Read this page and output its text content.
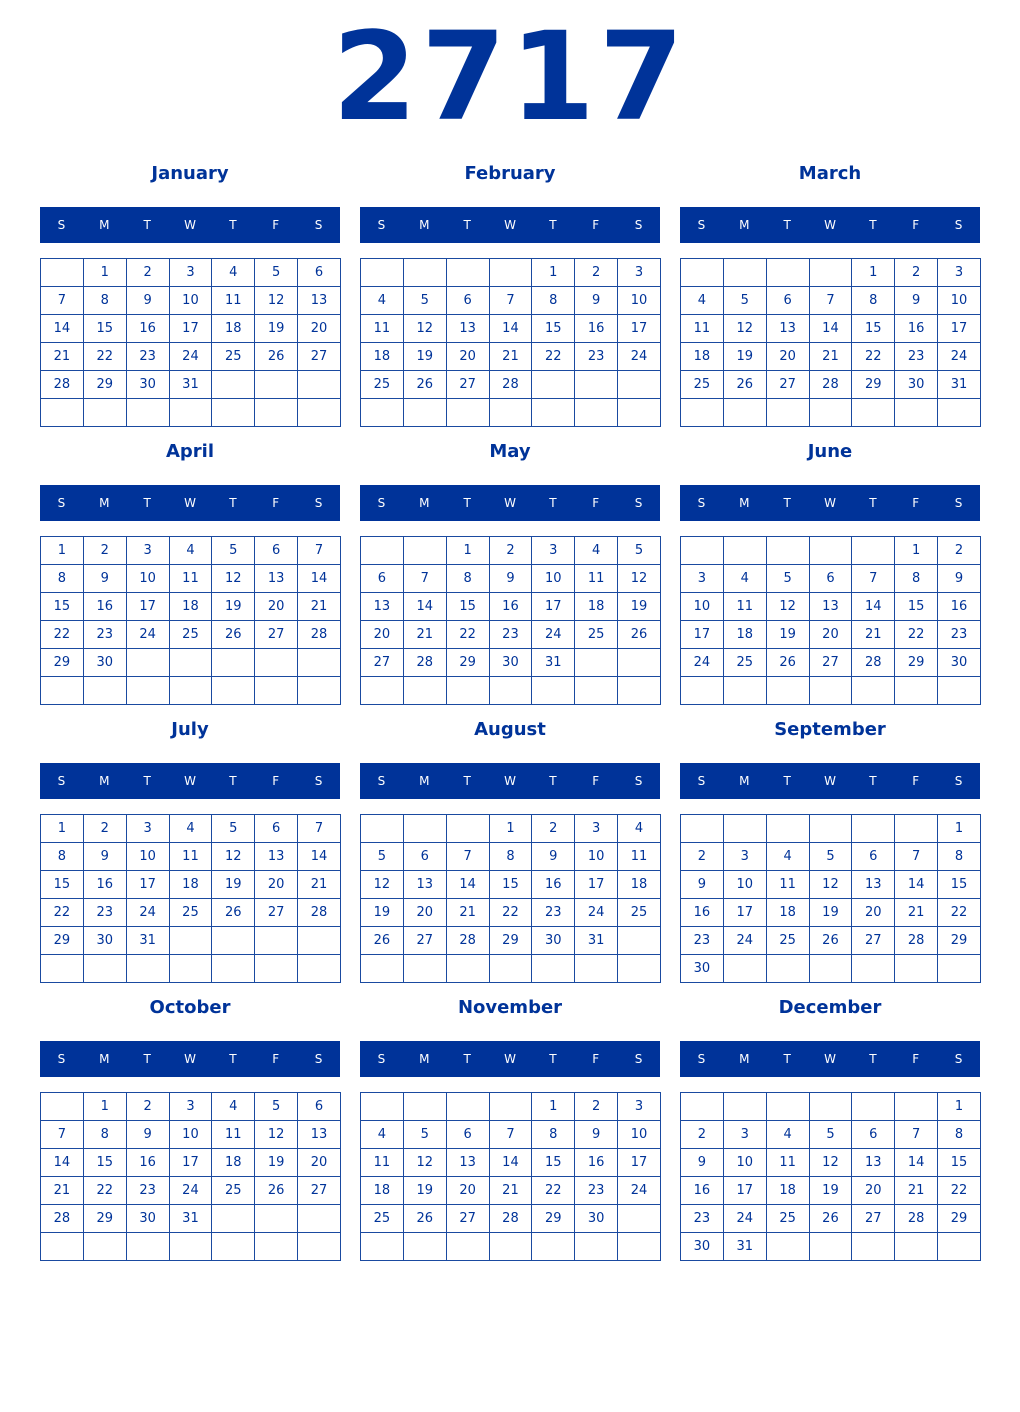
2717
January
S	M	T	W	T	F	S
	1	2	3	4	5	6
7	8	9	10	11	12	13
14	15	16	17	18	19	20
21	22	23	24	25	26	27
28	29	30	31			

February
S	M	T	W	T	F	S
				1	2	3
4	5	6	7	8	9	10
11	12	13	14	15	16	17
18	19	20	21	22	23	24
25	26	27	28			

March
S	M	T	W	T	F	S
				1	2	3
4	5	6	7	8	9	10
11	12	13	14	15	16	17
18	19	20	21	22	23	24
25	26	27	28	29	30	31

April
S	M	T	W	T	F	S
1	2	3	4	5	6	7
8	9	10	11	12	13	14
15	16	17	18	19	20	21
22	23	24	25	26	27	28
29	30					

May
S	M	T	W	T	F	S
		1	2	3	4	5
6	7	8	9	10	11	12
13	14	15	16	17	18	19
20	21	22	23	24	25	26
27	28	29	30	31		

June
S	M	T	W	T	F	S
					1	2
3	4	5	6	7	8	9
10	11	12	13	14	15	16
17	18	19	20	21	22	23
24	25	26	27	28	29	30

July
S	M	T	W	T	F	S
1	2	3	4	5	6	7
8	9	10	11	12	13	14
15	16	17	18	19	20	21
22	23	24	25	26	27	28
29	30	31				

August
S	M	T	W	T	F	S
			1	2	3	4
5	6	7	8	9	10	11
12	13	14	15	16	17	18
19	20	21	22	23	24	25
26	27	28	29	30	31	

September
S	M	T	W	T	F	S
						1
2	3	4	5	6	7	8
9	10	11	12	13	14	15
16	17	18	19	20	21	22
23	24	25	26	27	28	29
30						
October
S	M	T	W	T	F	S
	1	2	3	4	5	6
7	8	9	10	11	12	13
14	15	16	17	18	19	20
21	22	23	24	25	26	27
28	29	30	31			

November
S	M	T	W	T	F	S
				1	2	3
4	5	6	7	8	9	10
11	12	13	14	15	16	17
18	19	20	21	22	23	24
25	26	27	28	29	30	

December
S	M	T	W	T	F	S
						1
2	3	4	5	6	7	8
9	10	11	12	13	14	15
16	17	18	19	20	21	22
23	24	25	26	27	28	29
30	31					
